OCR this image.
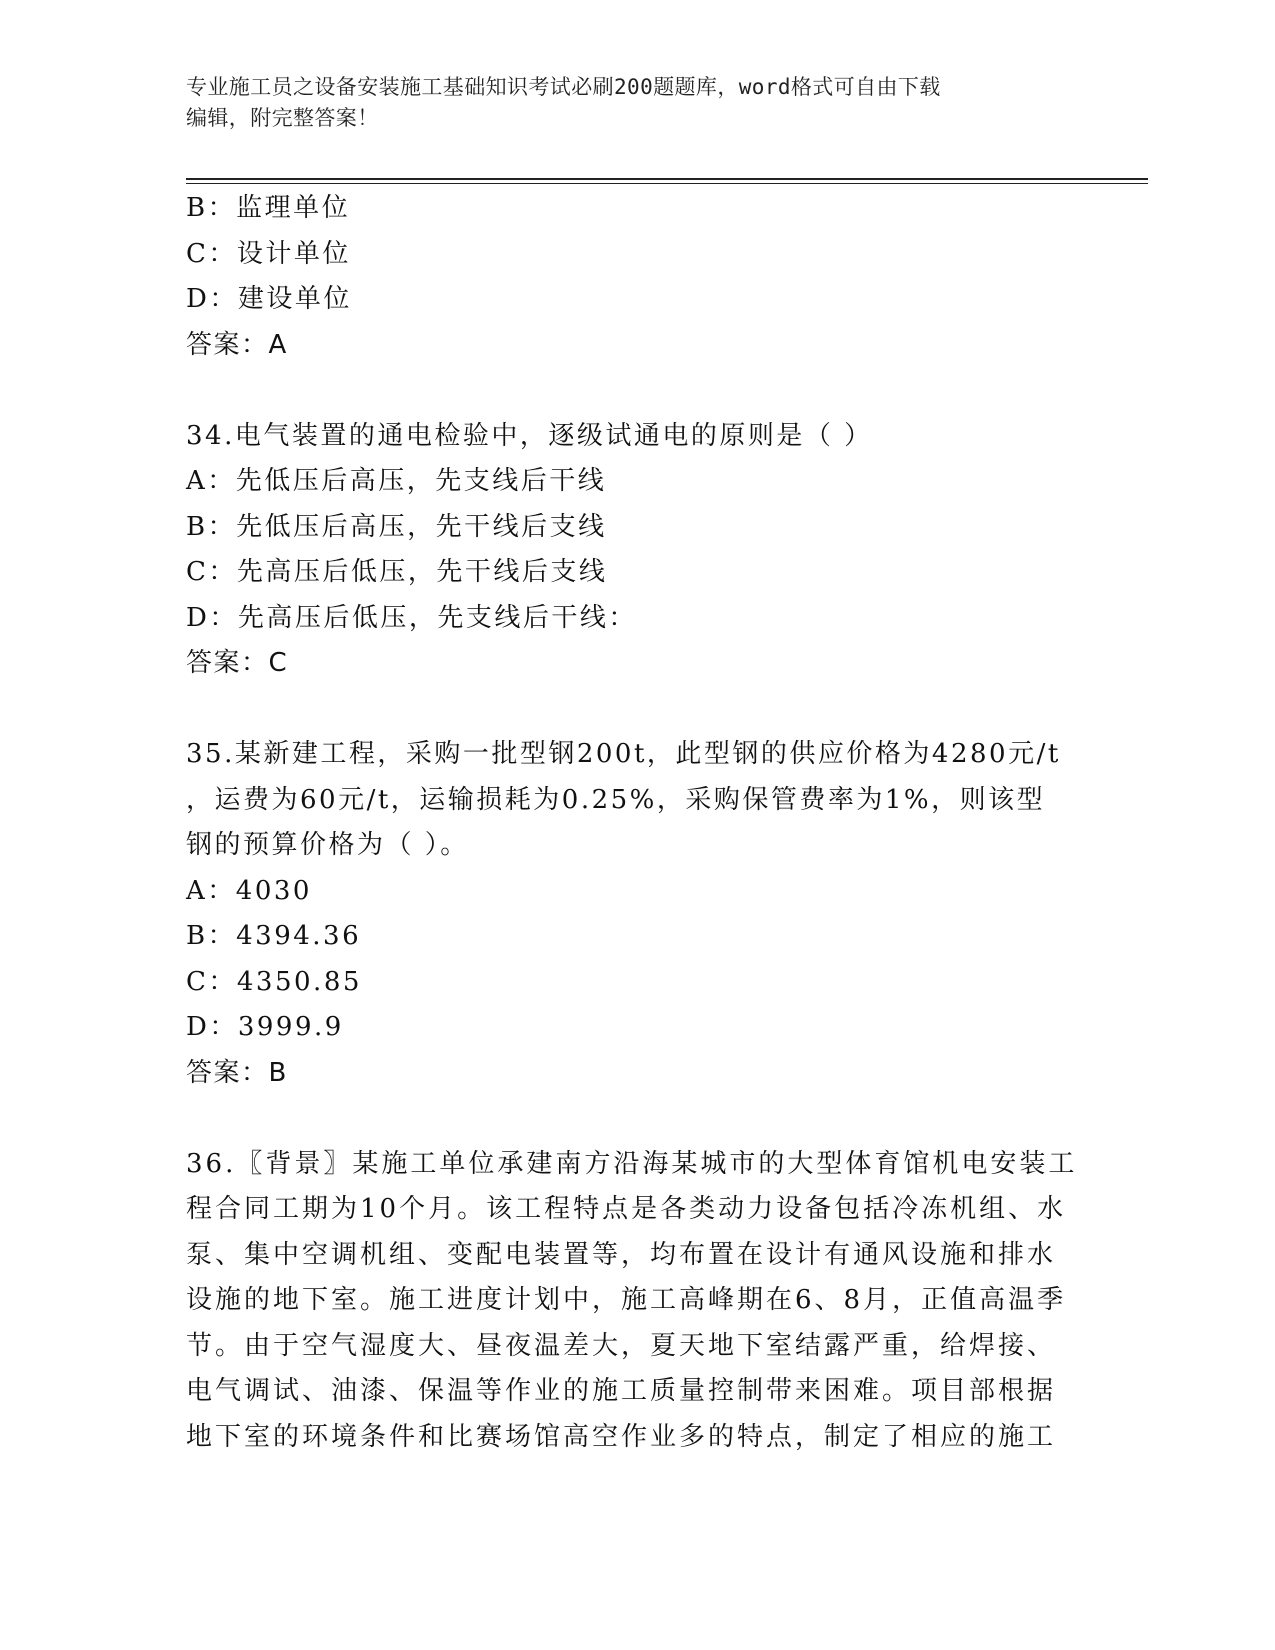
专业施工员之设备安装施工基础知识考试必刷200题题库，word格式可自由下载
编辑，附完整答案！
B：监理单位
C：设计单位
D：建设单位
答案：A
34.电气装置的通电检验中，逐级试通电的原则是（ ）
A：先低压后高压，先支线后干线
B：先低压后高压，先干线后支线
C：先高压后低压，先干线后支线
D：先高压后低压，先支线后干线：
答案：C
35.某新建工程，采购一批型钢200t，此型钢的供应价格为4280元/t
，运费为60元/t，运输损耗为0.25%，采购保管费率为1%，则该型
钢的预算价格为（ ）。
A：4030
B：4394.36
C：4350.85
D：3999.9
答案：B
36.〖背景〗某施工单位承建南方沿海某城市的大型体育馆机电安装工
程合同工期为10个月。该工程特点是各类动力设备包括冷冻机组、水
泵、集中空调机组、变配电装置等，均布置在设计有通风设施和排水
设施的地下室。施工进度计划中，施工高峰期在6、8月，正值高温季
节。由于空气湿度大、昼夜温差大，夏天地下室结露严重，给焊接、
电气调试、油漆、保温等作业的施工质量控制带来困难。项目部根据
地下室的环境条件和比赛场馆高空作业多的特点，制定了相应的施工
